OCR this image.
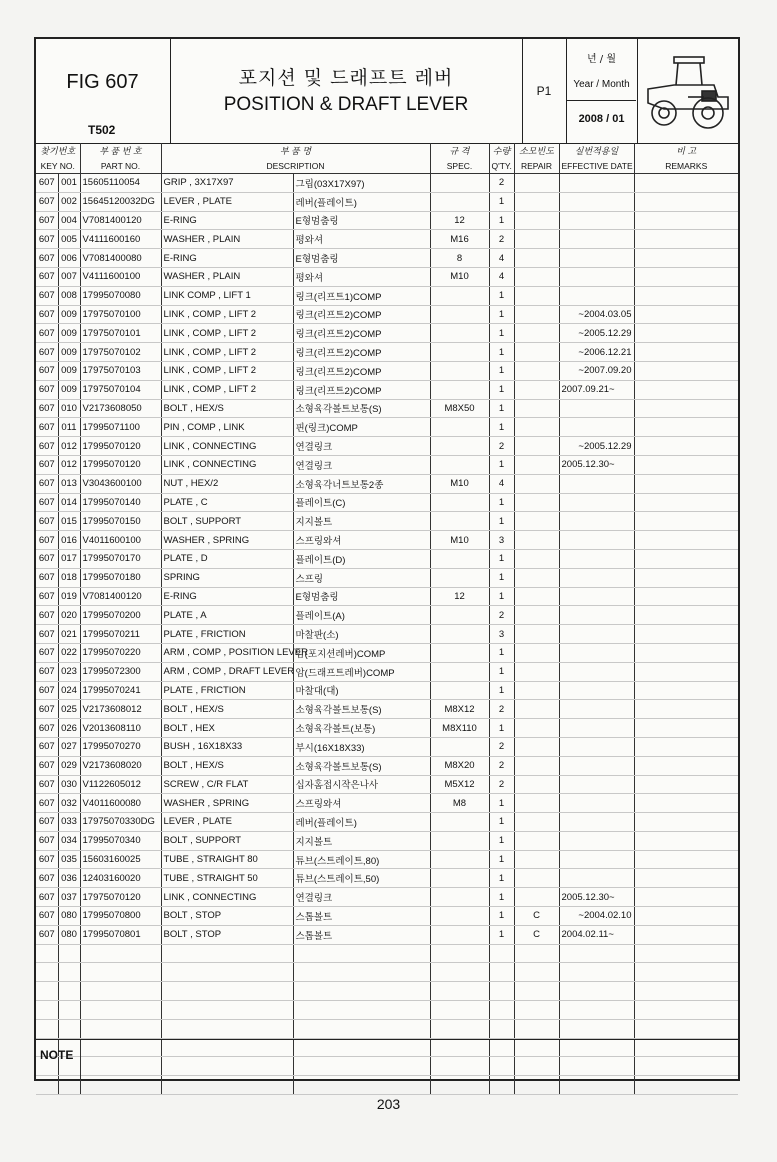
FIG 607
T502
포지션 및 드래프트 레버
POSITION & DRAFT LEVER
P1
년 / 월
Year / Month
2008 / 01
찾기번호		부 품 번 호	부 품 명		규 격	수량	소모빈도	실번적용일	비 고
KEY NO.		PART NO.	DESCRIPTION		SPEC.	Q'TY.	REPAIR	EFFECTIVE DATE	REMARKS
607	001	15605110054	GRIP , 3X17X97	그립(03X17X97)		2			
607	002	15645120032DG	LEVER , PLATE	레버(플레이트)		1			
607	004	V7081400120	E-RING	E형멈춤링	12	1			
607	005	V4111600160	WASHER , PLAIN	평와셔	M16	2			
607	006	V7081400080	E-RING	E형멈춤링	8	4			
607	007	V4111600100	WASHER , PLAIN	평와셔	M10	4			
607	008	17995070080	LINK COMP , LIFT 1	링크(리프트1)COMP		1			
607	009	17975070100	LINK , COMP , LIFT 2	링크(리프트2)COMP		1		~2004.03.05	
607	009	17975070101	LINK , COMP , LIFT 2	링크(리프트2)COMP		1		~2005.12.29	
607	009	17975070102	LINK , COMP , LIFT 2	링크(리프트2)COMP		1		~2006.12.21	
607	009	17975070103	LINK , COMP , LIFT 2	링크(리프트2)COMP		1		~2007.09.20	
607	009	17975070104	LINK , COMP , LIFT 2	링크(리프트2)COMP		1		2007.09.21~	
607	010	V2173608050	BOLT , HEX/S	소형육각볼트보통(S)	M8X50	1			
607	011	17995071100	PIN , COMP , LINK	핀(링크)COMP		1			
607	012	17995070120	LINK , CONNECTING	연결링크		2		~2005.12.29	
607	012	17995070120	LINK , CONNECTING	연결링크		1		2005.12.30~	
607	013	V3043600100	NUT , HEX/2	소형육각너트보통2종	M10	4			
607	014	17995070140	PLATE , C	플레이트(C)		1			
607	015	17995070150	BOLT , SUPPORT	지지볼트		1			
607	016	V4011600100	WASHER , SPRING	스프링와셔	M10	3			
607	017	17995070170	PLATE , D	플레이트(D)		1			
607	018	17995070180	SPRING	스프링		1			
607	019	V7081400120	E-RING	E형멈춤링	12	1			
607	020	17995070200	PLATE , A	플레이트(A)		2			
607	021	17995070211	PLATE , FRICTION	마찰판(소)		3			
607	022	17995070220	ARM , COMP , POSITION LEVER	암(포지션레버)COMP		1			
607	023	17995072300	ARM , COMP , DRAFT LEVER	암(드래프트레버)COMP		1			
607	024	17995070241	PLATE , FRICTION	마찰대(대)		1			
607	025	V2173608012	BOLT , HEX/S	소형육각볼트보통(S)	M8X12	2			
607	026	V2013608110	BOLT , HEX	소형육각볼트(보통)	M8X110	1			
607	027	17995070270	BUSH , 16X18X33	부시(16X18X33)		2			
607	029	V2173608020	BOLT , HEX/S	소형육각볼트보통(S)	M8X20	2			
607	030	V1122605012	SCREW , C/R FLAT	십자홈접시작은나사	M5X12	2			
607	032	V4011600080	WASHER , SPRING	스프링와셔	M8	1			
607	033	17975070330DG	LEVER , PLATE	레버(플레이트)		1			
607	034	17995070340	BOLT , SUPPORT	지지볼트		1			
607	035	15603160025	TUBE , STRAIGHT 80	튜브(스트레이트,80)		1			
607	036	12403160020	TUBE , STRAIGHT 50	튜브(스트레이트,50)		1			
607	037	17975070120	LINK , CONNECTING	연결링크		1		2005.12.30~	
607	080	17995070800	BOLT , STOP	스톱볼트		1	C	~2004.02.10	
607	080	17995070801	BOLT , STOP	스톱볼트		1	C	2004.02.11~	

NOTE
203
